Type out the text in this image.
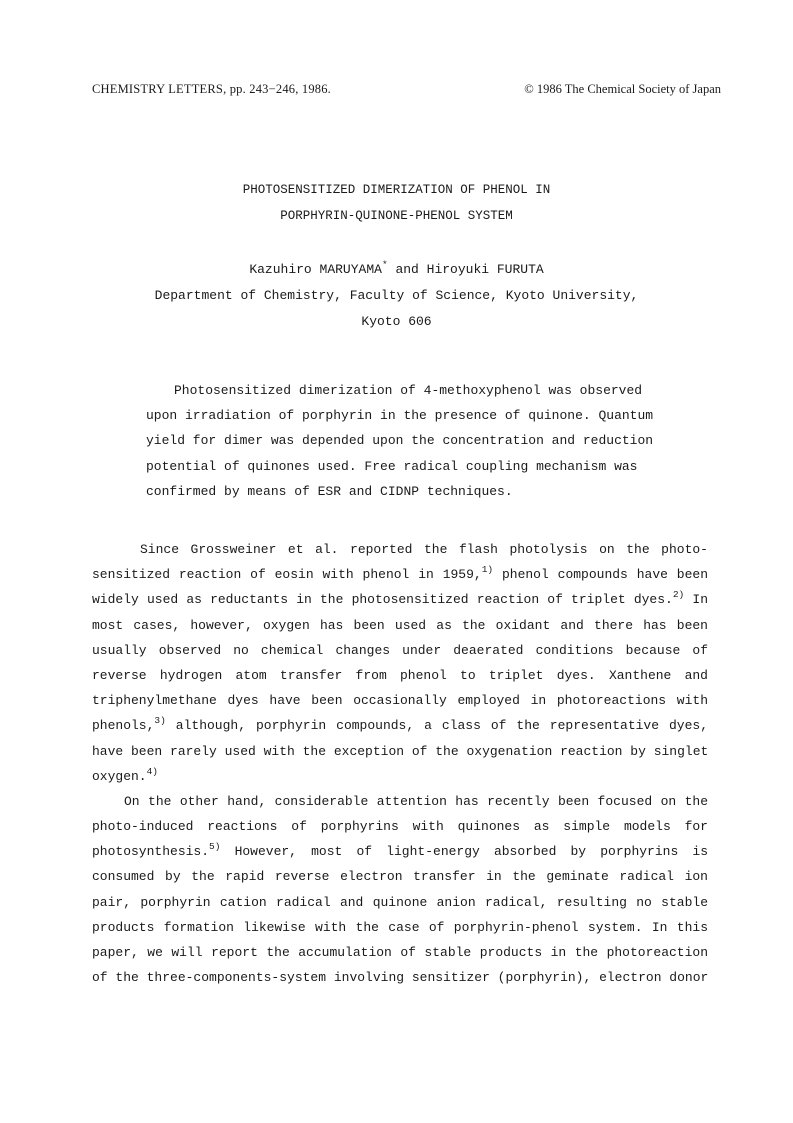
CHEMISTRY LETTERS, pp. 243−246, 1986.	© 1986 The Chemical Society of Japan
PHOTOSENSITIZED DIMERIZATION OF PHENOL IN
PORPHYRIN-QUINONE-PHENOL SYSTEM
Kazuhiro MARUYAMA* and Hiroyuki FURUTA
Department of Chemistry, Faculty of Science, Kyoto University,
Kyoto 606
Photosensitized dimerization of 4-methoxyphenol was observed
upon irradiation of porphyrin in the presence of quinone. Quantum
yield for dimer was depended upon the concentration and reduction
potential of quinones used. Free radical coupling mechanism was
confirmed by means of ESR and CIDNP techniques.
Since Grossweiner et al. reported the flash photolysis on the photo-
sensitized reaction of eosin with phenol in 1959,$^{1)}$ phenol compounds have been
widely used as reductants in the photosensitized reaction of triplet dyes.$^{2)}$ In
most cases, however, oxygen has been used as the oxidant and there has been
usually observed no chemical changes under deaerated conditions because of
reverse hydrogen atom transfer from phenol to triplet dyes. Xanthene and
triphenylmethane dyes have been occasionally employed in photoreactions with
phenols,$^{3)}$ although, porphyrin compounds, a class of the representative dyes,
have been rarely used with the exception of the oxygenation reaction by singlet
oxygen.$^{4)}$
On the other hand, considerable attention has recently been focused on the
photo-induced reactions of porphyrins with quinones as simple models for
photosynthesis.$^{5)}$ However, most of light-energy absorbed by porphyrins is
consumed by the rapid reverse electron transfer in the geminate radical ion
pair, porphyrin cation radical and quinone anion radical, resulting no stable
products formation likewise with the case of porphyrin-phenol system. In this
paper, we will report the accumulation of stable products in the photoreaction
of the three-components-system involving sensitizer (porphyrin), electron donor
